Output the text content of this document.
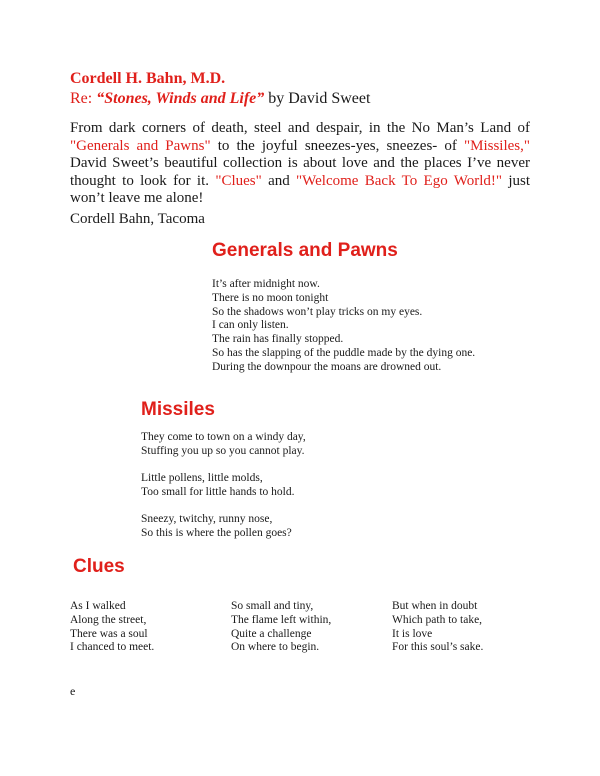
Cordell H. Bahn, M.D.
Re: “Stones, Winds and Life” by David Sweet
From dark corners of death, steel and despair, in the No Man’s Land of "Generals and Pawns" to the joyful sneezes-yes, sneezes- of "Missiles," David Sweet’s beautiful collection is about love and the places I’ve never thought to look for it. "Clues" and "Welcome Back To Ego World!" just won’t leave me alone!
Cordell Bahn, Tacoma
Generals and Pawns
It’s after midnight now.
There is no moon tonight
So the shadows won’t play tricks on my eyes.
I can only listen.
The rain has finally stopped.
So has the slapping of the puddle made by the dying one.
During the downpour the moans are drowned out.
Missiles
They come to town on a windy day,
Stuffing you up so you cannot play.
Little pollens, little molds,
Too small for little hands to hold.
Sneezy, twitchy, runny nose,
So this is where the pollen goes?
Clues
As I walked
Along the street,
There was a soul
I chanced to meet.
So small and tiny,
The flame left within,
Quite a challenge
On where to begin.
But when in doubt
Which path to take,
It is love
For this soul’s sake.
e
